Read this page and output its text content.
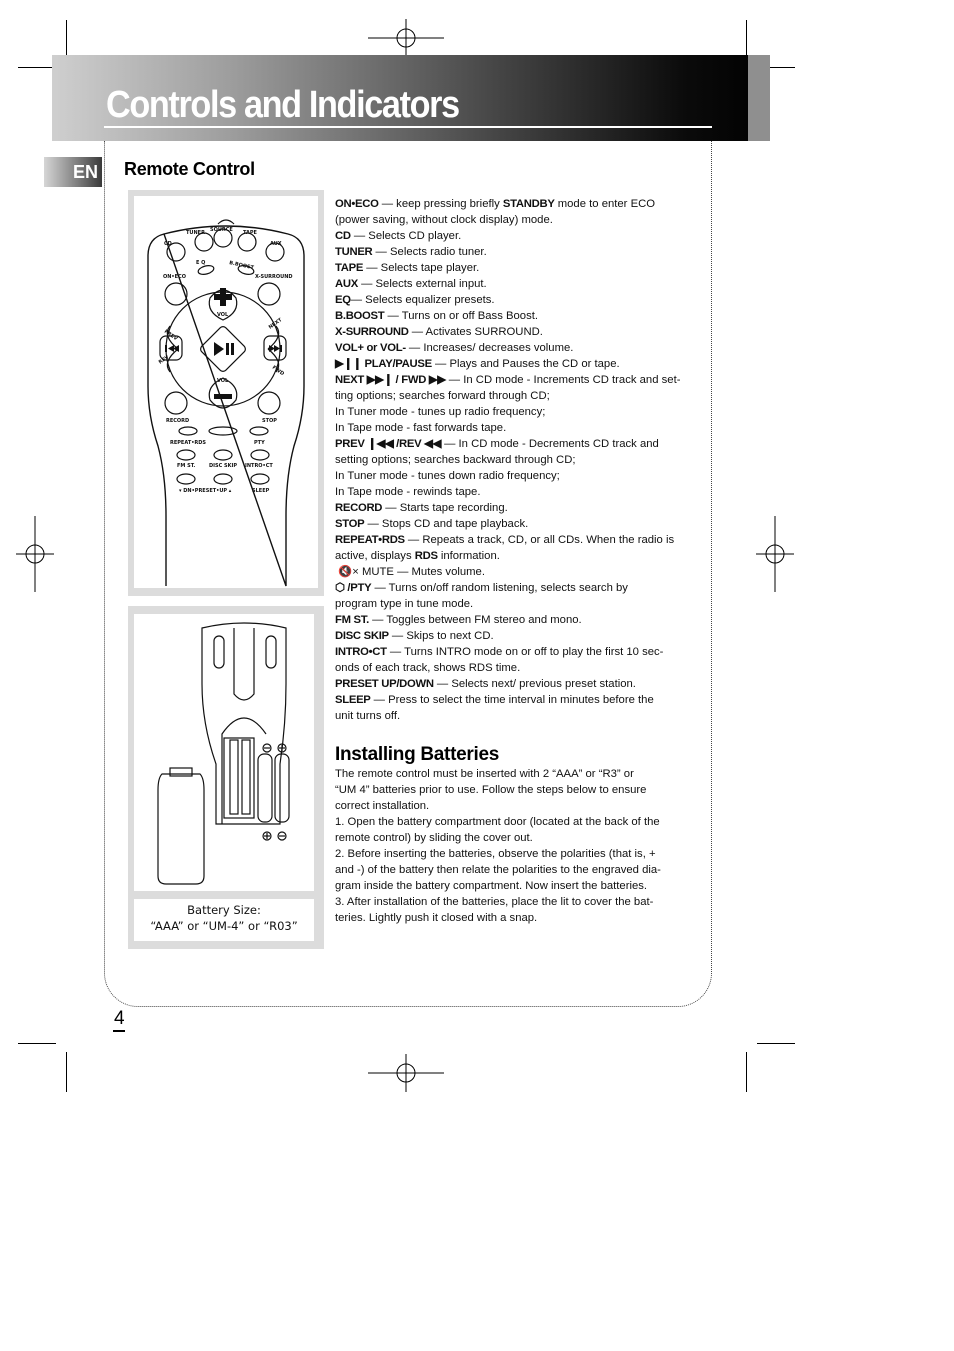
Controls and Indicators
EN Remote Control
TUNER SOURCE TAPE
CD	AUX
E Q	B.BOOST
ON•ECO	X-SURROUND
VOL
VOL
PREV
NEXT
REV
FWD
RECORD	STOP
REPEAT•RDS	PTY
FM ST.	DISC SKIP INTRO•CT
▾ DN•PRESET•UP ▴	SLEEP
Battery Size:
“AAA” or “UM-4” or “R03”

ON•ECO — keep pressing briefly STANDBY mode to enter ECO

(power saving, without clock display) mode.

CD — Selects CD player.

TUNER — Selects radio tuner.

TAPE — Selects tape player.

AUX — Selects external input.

EQ— Selects equalizer presets.

B.BOOST — Turns on or off Bass Boost.

X-SURROUND — Activates SURROUND.

VOL+ or VOL- — Increases/ decreases volume.

▶❙❙ PLAY/PAUSE — Plays and Pauses the CD or tape.

NEXT ▶▶❙ / FWD ▶▶ — In CD mode - Increments CD track and set-

ting options; searches forward through CD;

In Tuner mode - tunes up radio frequency;

In Tape mode - fast forwards tape.

PREV ❙◀◀ /REV ◀◀ — In CD mode - Decrements CD track and

setting options; searches backward through CD;

In Tuner mode - tunes down radio frequency;

In Tape mode - rewinds tape.

RECORD — Starts tape recording.

STOP — Stops CD and tape playback.

REPEAT•RDS — Repeats a track, CD, or all CDs. When the radio is

active, displays RDS information.

🔇× MUTE — Mutes volume.

⬡ /PTY — Turns on/off random listening, selects search by

program type in tune mode.

FM ST. — Toggles between FM stereo and mono.

DISC SKIP — Skips to next CD.

INTRO•CT — Turns INTRO mode on or off to play the first 10 sec-

onds of each track, shows RDS time.

PRESET UP/DOWN — Selects next/ previous preset station.

SLEEP — Press to select the time interval in minutes before the

unit turns off.

Installing Batteries

The remote control must be inserted with 2 “AAA” or “R3” or

“UM 4” batteries prior to use. Follow the steps below to ensure

correct installation.

1. Open the battery compartment door (located at the back of the

remote control) by sliding the cover out.

2. Before inserting the batteries, observe the polarities (that is, +

and -) of the battery then relate the polarities to the engraved dia-

gram inside the battery compartment. Now insert the batteries.

3. After installation of the batteries, place the lit to cover the bat-

teries. Lightly push it closed with a snap.

4
